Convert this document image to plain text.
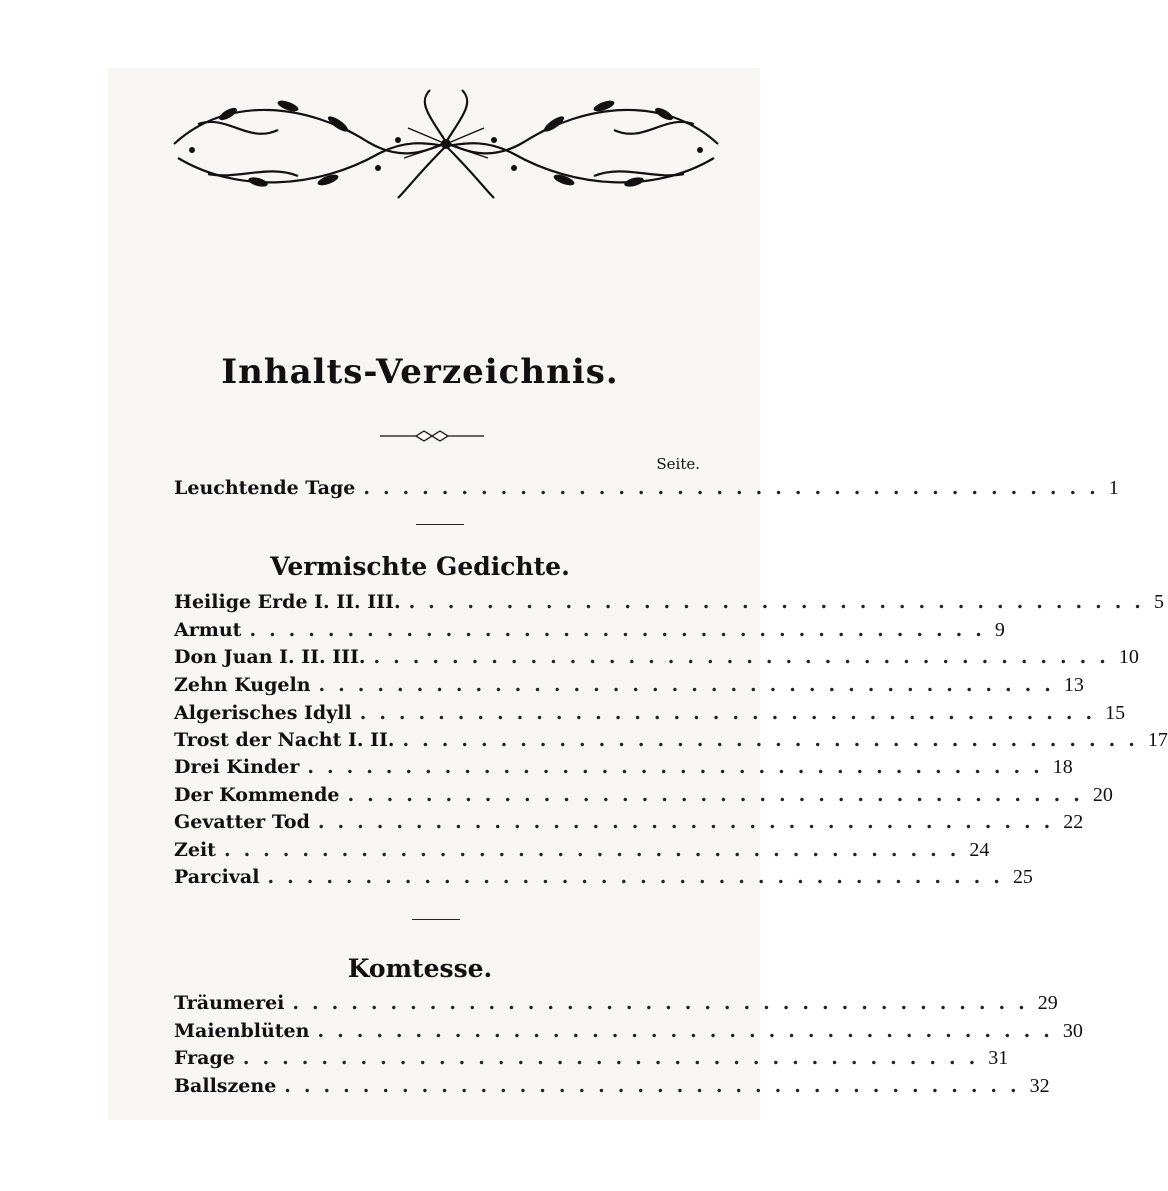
Inhalts-Verzeichnis.
Seite.
Leuchtende Tage ...................................... 1
Vermischte Gedichte.
Heilige Erde I. II. III. ...................................... 5
Armut ...................................... 9
Don Juan I. II. III. ...................................... 10
Zehn Kugeln ...................................... 13
Algerisches Idyll ...................................... 15
Trost der Nacht I. II. ...................................... 17
Drei Kinder ...................................... 18
Der Kommende ...................................... 20
Gevatter Tod ...................................... 22
Zeit ...................................... 24
Parcival ...................................... 25
Komtesse.
Träumerei ...................................... 29
Maienblüten ...................................... 30
Frage ...................................... 31
Ballszene ...................................... 32
